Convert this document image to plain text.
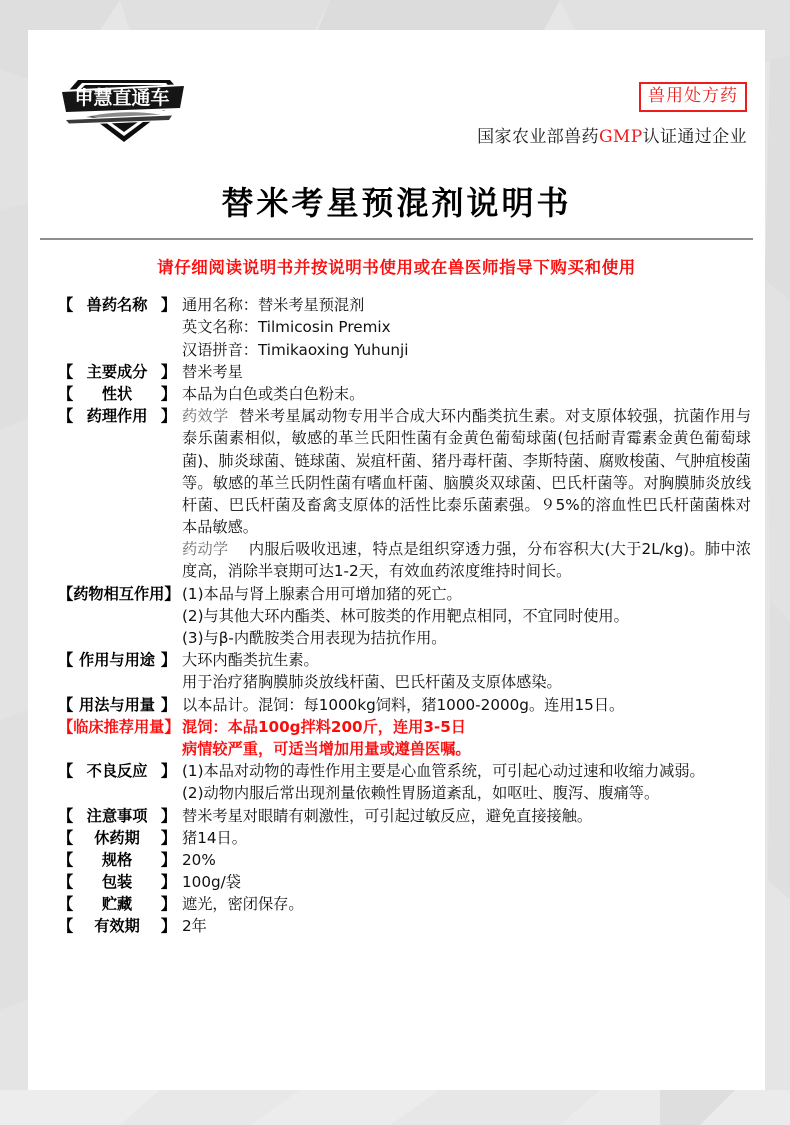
申慧直通车	兽用处方药
国家农业部兽药GMP认证通过企业
替米考星预混剂说明书
请仔细阅读说明书并按说明书使用或在兽医师指导下购买和使用
【 兽药名称 】 通用名称：替米考星预混剂
英文名称：Tilmicosin Premix
汉语拼音：Timikaoxing Yuhunji
【 主要成分 】 替米考星
【 性状 】 本品为白色或类白色粉末。
【 药理作用 】 药效学 替米考星属动物专用半合成大环内酯类抗生素。对支原体较强，抗菌作用与泰乐菌素相似，敏感的革兰氏阳性菌有金黄色葡萄球菌(包括耐青霉素金黄色葡萄球菌)、肺炎球菌、链球菌、炭疽杆菌、猪丹毒杆菌、李斯特菌、腐败梭菌、气肿疽梭菌等。敏感的革兰氏阴性菌有嗜血杆菌、脑膜炎双球菌、巴氏杆菌等。对胸膜肺炎放线杆菌、巴氏杆菌及畜禽支原体的活性比泰乐菌素强。９5%的溶血性巴氏杆菌菌株对本品敏感。
药动学 内服后吸收迅速，特点是组织穿透力强，分布容积大(大于2L/kg)。肺中浓度高，消除半衰期可达1-2天，有效血药浓度维持时间长。
【药物相互作用】 (1)本品与肾上腺素合用可增加猪的死亡。
(2)与其他大环内酯类、林可胺类的作用靶点相同，不宜同时使用。
(3)与β-内酰胺类合用表现为拮抗作用。
【 作用与用途 】 大环内酯类抗生素。
用于治疗猪胸膜肺炎放线杆菌、巴氏杆菌及支原体感染。
【 用法与用量 】 以本品计。混饲：每1000kg饲料，猪1000-2000g。连用15日。
【临床推荐用量】 混饲：本品100g拌料200斤，连用3-5日
病情较严重，可适当增加用量或遵兽医嘱。
【 不良反应 】 (1)本品对动物的毒性作用主要是心血管系统，可引起心动过速和收缩力减弱。
(2)动物内服后常出现剂量依赖性胃肠道紊乱，如呕吐、腹泻、腹痛等。
【 注意事项 】 替米考星对眼睛有刺激性，可引起过敏反应，避免直接接触。
【 休药期 】 猪14日。
【 规格 】 20%
【 包装 】 100g/袋
【 贮藏 】 遮光，密闭保存。
【 有效期 】 2年
